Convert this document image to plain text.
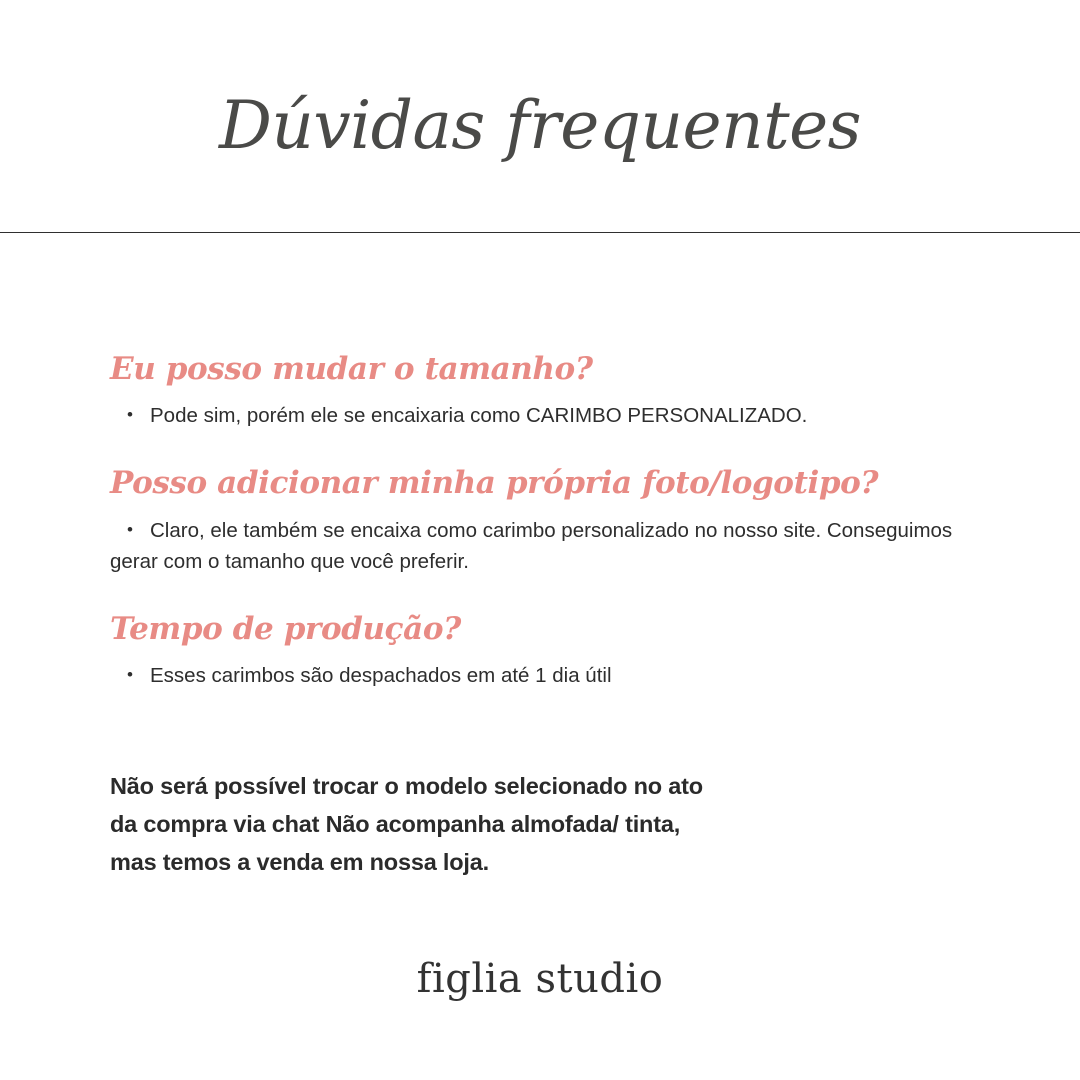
Dúvidas frequentes
Eu posso mudar o tamanho?

• Pode sim, porém ele se encaixaria como CARIMBO PERSONALIZADO.

Posso adicionar minha própria foto/logotipo?

• Claro, ele também se encaixa como carimbo personalizado no nosso site. Conseguimos gerar com o tamanho que você preferir.

Tempo de produção?

• Esses carimbos são despachados em até 1 dia útil

Não será possível trocar o modelo selecionado no ato
da compra via chat Não acompanha almofada/ tinta,
mas temos a venda em nossa loja.
figlia studio
